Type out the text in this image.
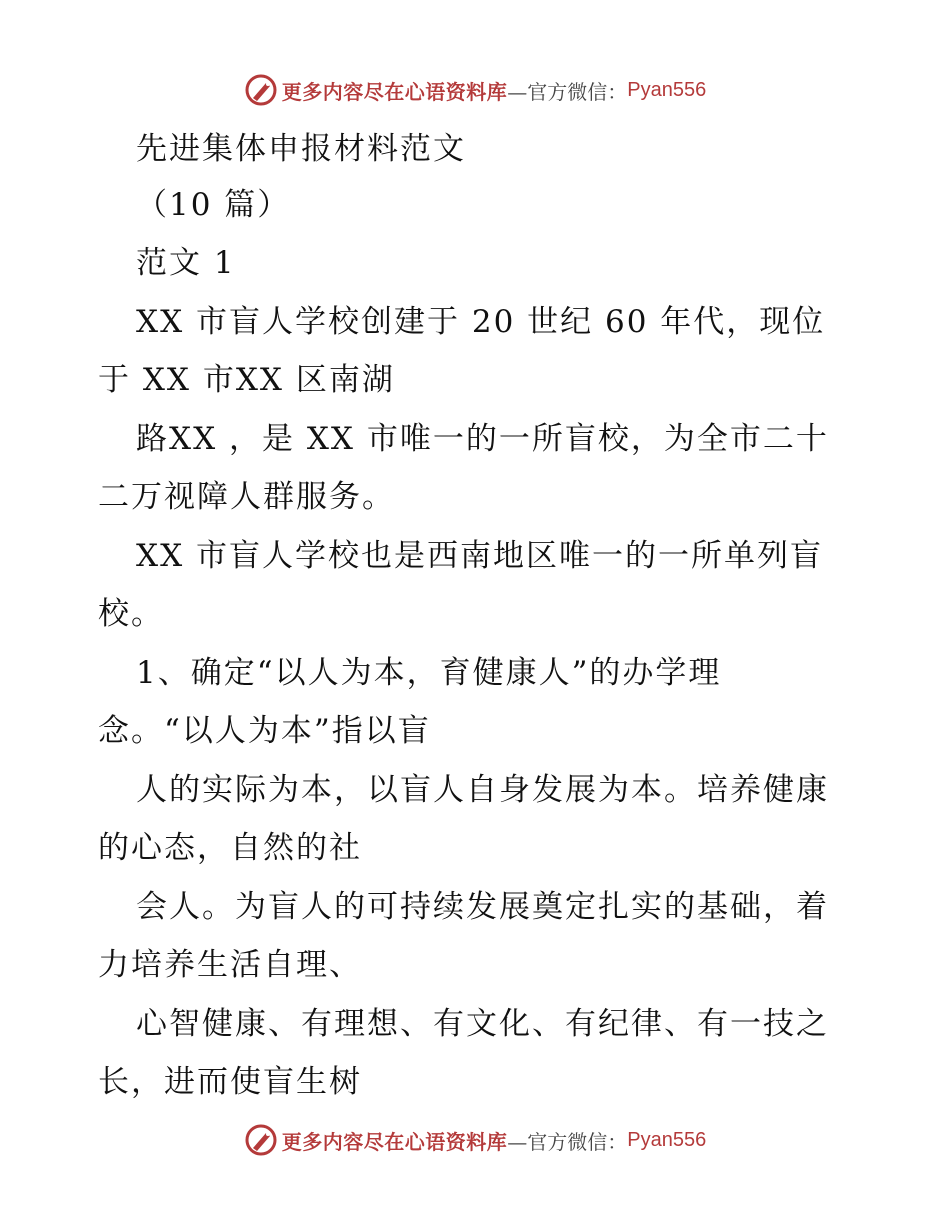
更多内容尽在心语资料库 —官方微信： Pyan556
先进集体申报材料范文
（10 篇）
范文 1
XX 市盲人学校创建于 20 世纪 60 年代，现位
于 XX 市XX 区南湖
路XX ，是 XX 市唯一的一所盲校，为全市二十
二万视障人群服务。
XX 市盲人学校也是西南地区唯一的一所单列盲
校。
1、确定“以人为本，育健康人”的办学理
念。“以人为本”指以盲
人的实际为本，以盲人自身发展为本。培养健康
的心态，自然的社
会人。为盲人的可持续发展奠定扎实的基础，着
力培养生活自理、
心智健康、有理想、有文化、有纪律、有一技之
长，进而使盲生树
更多内容尽在心语资料库 —官方微信： Pyan556
